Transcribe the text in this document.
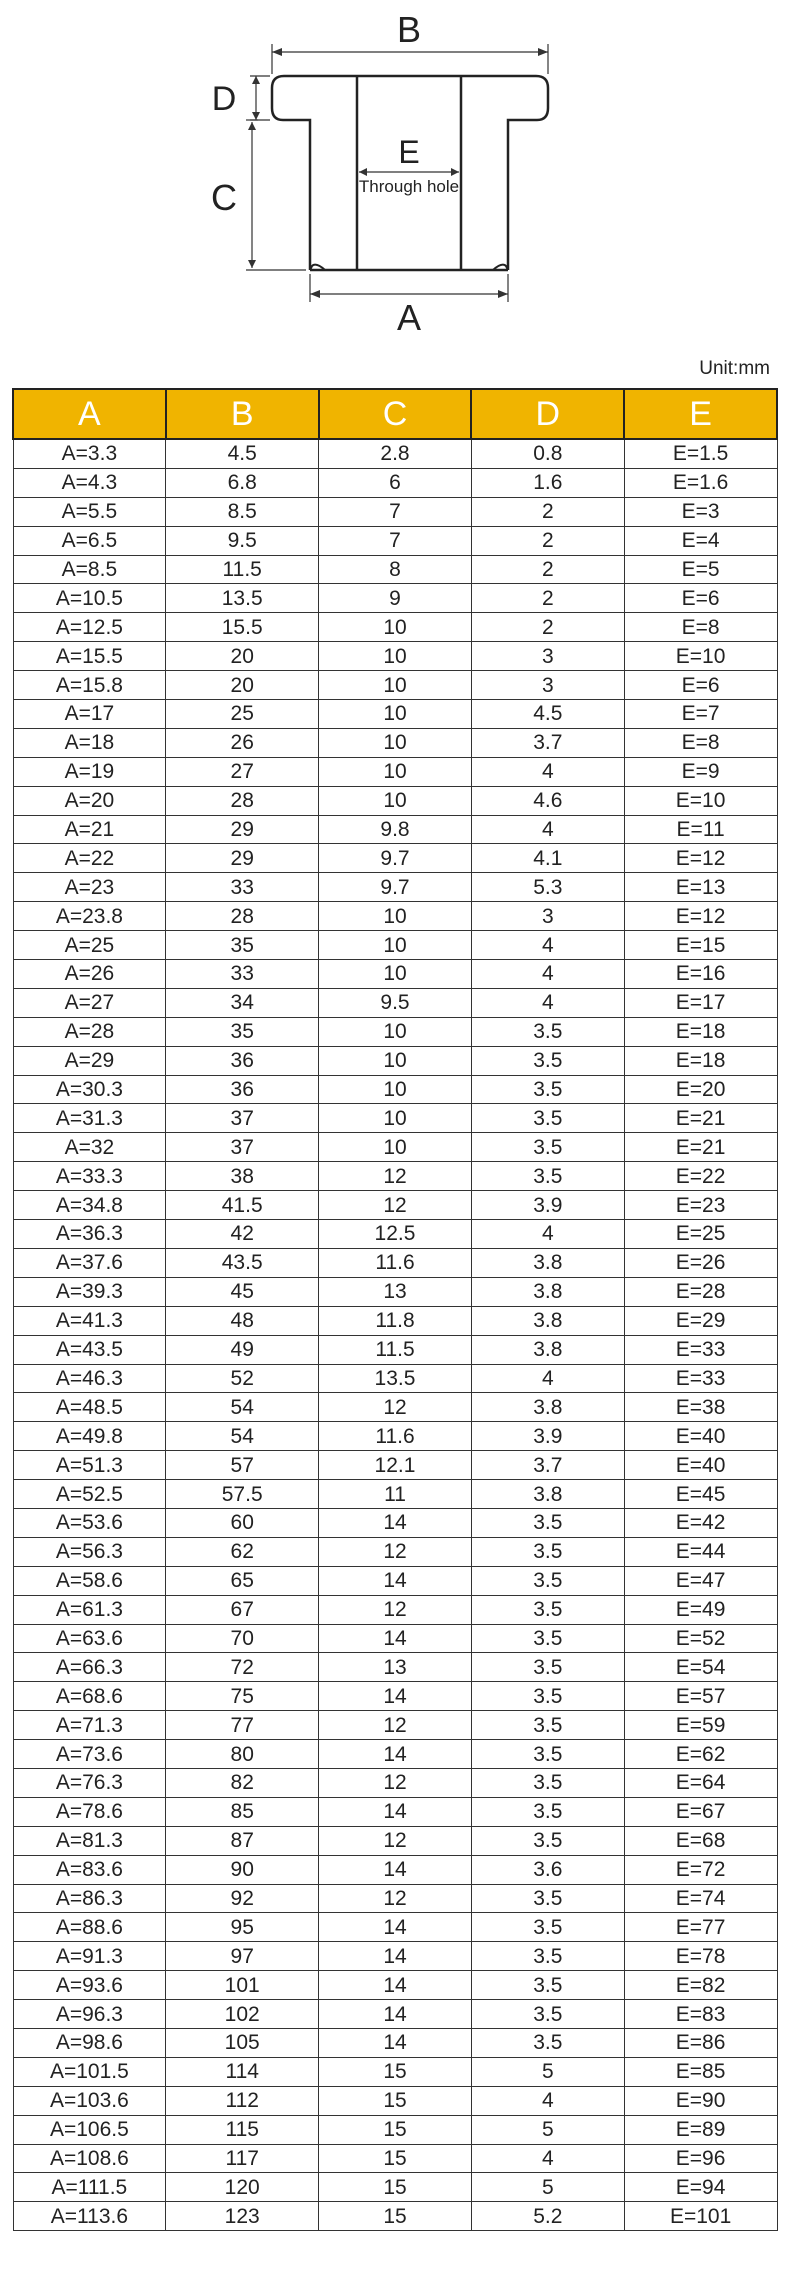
B
D
C
E
Through hole
A
Unit:mm
A	B	C	D	E
A=3.3	4.5	2.8	0.8	E=1.5
A=4.3	6.8	6	1.6	E=1.6
A=5.5	8.5	7	2	E=3
A=6.5	9.5	7	2	E=4
A=8.5	11.5	8	2	E=5
A=10.5	13.5	9	2	E=6
A=12.5	15.5	10	2	E=8
A=15.5	20	10	3	E=10
A=15.8	20	10	3	E=6
A=17	25	10	4.5	E=7
A=18	26	10	3.7	E=8
A=19	27	10	4	E=9
A=20	28	10	4.6	E=10
A=21	29	9.8	4	E=11
A=22	29	9.7	4.1	E=12
A=23	33	9.7	5.3	E=13
A=23.8	28	10	3	E=12
A=25	35	10	4	E=15
A=26	33	10	4	E=16
A=27	34	9.5	4	E=17
A=28	35	10	3.5	E=18
A=29	36	10	3.5	E=18
A=30.3	36	10	3.5	E=20
A=31.3	37	10	3.5	E=21
A=32	37	10	3.5	E=21
A=33.3	38	12	3.5	E=22
A=34.8	41.5	12	3.9	E=23
A=36.3	42	12.5	4	E=25
A=37.6	43.5	11.6	3.8	E=26
A=39.3	45	13	3.8	E=28
A=41.3	48	11.8	3.8	E=29
A=43.5	49	11.5	3.8	E=33
A=46.3	52	13.5	4	E=33
A=48.5	54	12	3.8	E=38
A=49.8	54	11.6	3.9	E=40
A=51.3	57	12.1	3.7	E=40
A=52.5	57.5	11	3.8	E=45
A=53.6	60	14	3.5	E=42
A=56.3	62	12	3.5	E=44
A=58.6	65	14	3.5	E=47
A=61.3	67	12	3.5	E=49
A=63.6	70	14	3.5	E=52
A=66.3	72	13	3.5	E=54
A=68.6	75	14	3.5	E=57
A=71.3	77	12	3.5	E=59
A=73.6	80	14	3.5	E=62
A=76.3	82	12	3.5	E=64
A=78.6	85	14	3.5	E=67
A=81.3	87	12	3.5	E=68
A=83.6	90	14	3.6	E=72
A=86.3	92	12	3.5	E=74
A=88.6	95	14	3.5	E=77
A=91.3	97	14	3.5	E=78
A=93.6	101	14	3.5	E=82
A=96.3	102	14	3.5	E=83
A=98.6	105	14	3.5	E=86
A=101.5	114	15	5	E=85
A=103.6	112	15	4	E=90
A=106.5	115	15	5	E=89
A=108.6	117	15	4	E=96
A=111.5	120	15	5	E=94
A=113.6	123	15	5.2	E=101
